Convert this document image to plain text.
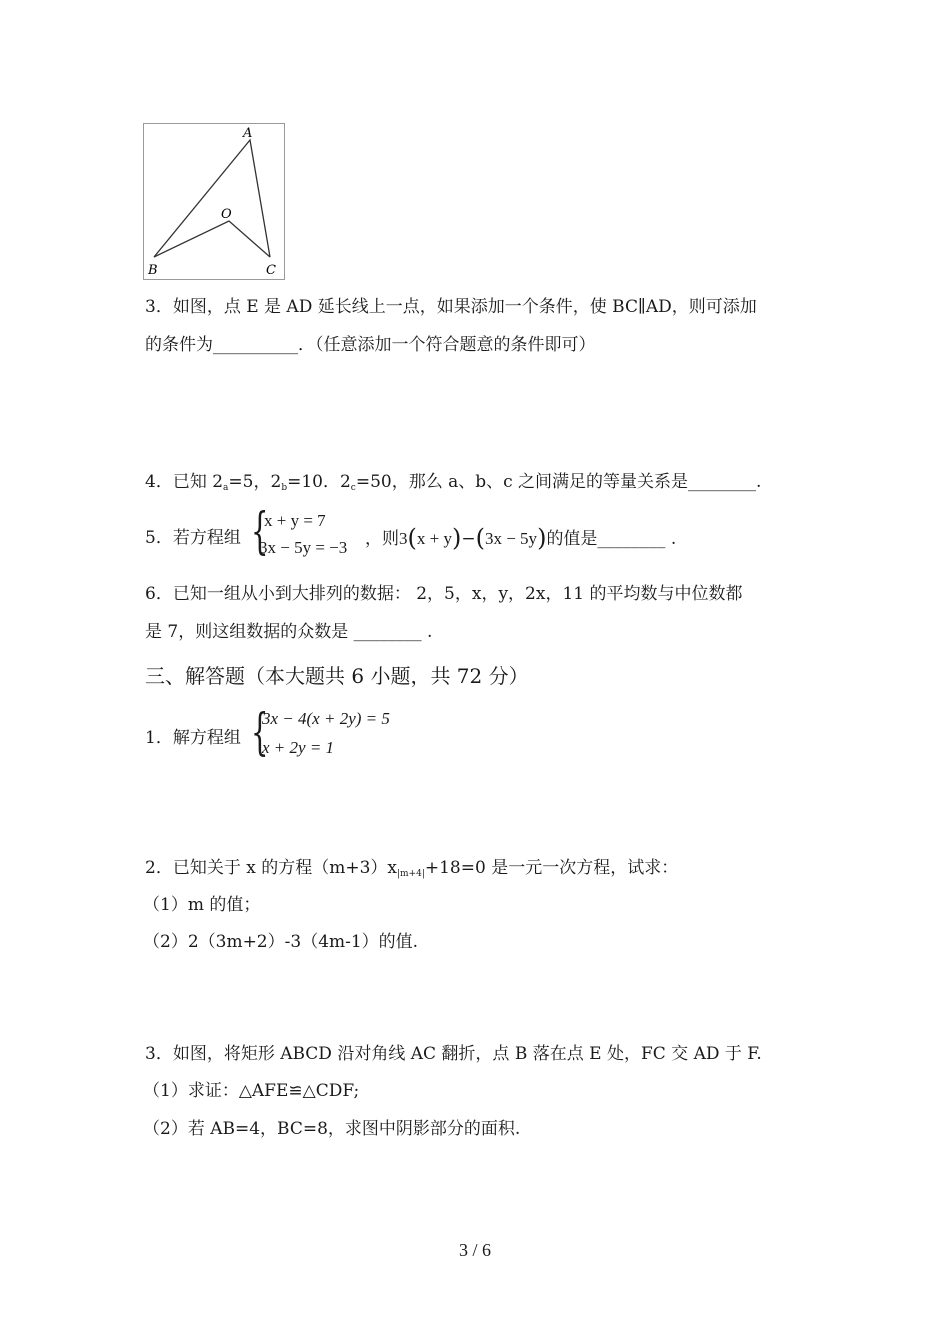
A
O
B	C
3．如图，点 E 是 AD 延长线上一点，如果添加一个条件，使 BC∥AD，则可添加
的条件为__________．（任意添加一个符合题意的条件即可）
4．已知 $2_a=5$，$2_b=10$．$2_c=50$，那么 a、b、c 之间满足的等量关系是________.
5．若方程组 {
x + y = 7
3x − 5y = −3 ，则3(x + y)−(3x − 5y)的值是________ .
6．已知一组从小到大排列的数据： 2，5，x，y，2x，11 的平均数与中位数都
是 7，则这组数据的众数是 ________ .
三、解答题（本大题共 6 小题，共 72 分）
1．解方程组 {
3x − 4(x + 2y) = 5
x + 2y = 1
2．已知关于 x 的方程$(m+3)x_{|m+4|}+18=0$ 是一元一次方程，试求：
（1）m 的值；
（2）2（3m+2）-3（4m-1）的值.
3．如图，将矩形 ABCD 沿对角线 AC 翻折，点 B 落在点 E 处，FC 交 AD 于 F.
（1）求证：△AFE≌△CDF;
（2）若 AB=4，BC=8，求图中阴影部分的面积.
3 / 6
